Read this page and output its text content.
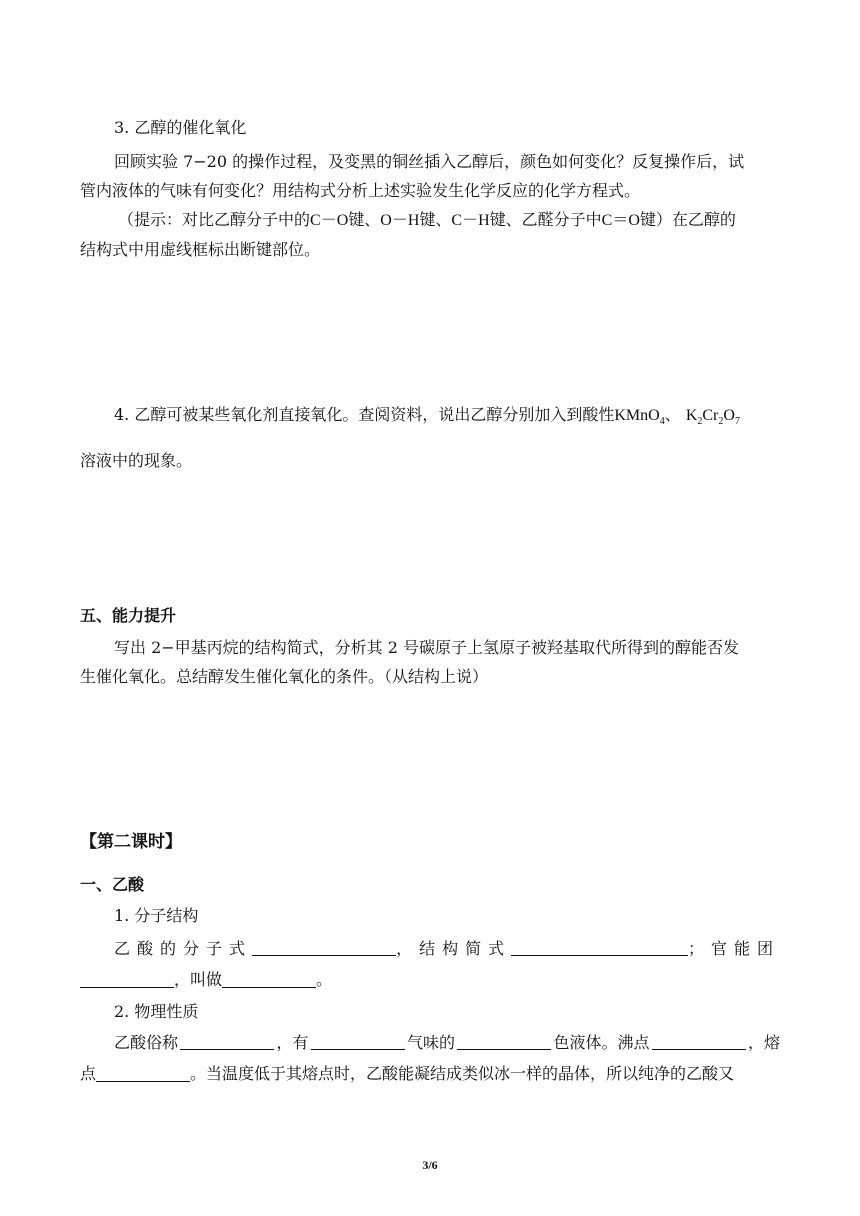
3. 乙醇的催化氧化
回顾实验 7−20 的操作过程，及变黑的铜丝插入乙醇后，颜色如何变化？反复操作后，试
管内液体的气味有何变化？用结构式分析上述实验发生化学反应的化学方程式。
（提示：对比乙醇分子中的C－O键、O－H键、C－H键、乙醛分子中C＝O键）在乙醇的
结构式中用虚线框标出断键部位。
4. 乙醇可被某些氧化剂直接氧化。查阅资料，说出乙醇分别加入到酸性KMnO$_4$、 $K_2Cr_2O_7$
溶液中的现象。
五、能力提升
写出 2−甲基丙烷的结构简式，分析其 2 号碳原子上氢原子被羟基取代所得到的醇能否发
生催化氧化。总结醇发生催化氧化的条件。（从结构上说）
【第二课时】
一、乙酸
1. 分子结构
乙酸的分子式	，结构简式	；官能团
，叫做	。
2. 物理性质
乙酸俗称	，有	气味的	色液体。沸点	，熔
点	。当温度低于其熔点时，乙酸能凝结成类似冰一样的晶体，所以纯净的乙酸又
3/6
